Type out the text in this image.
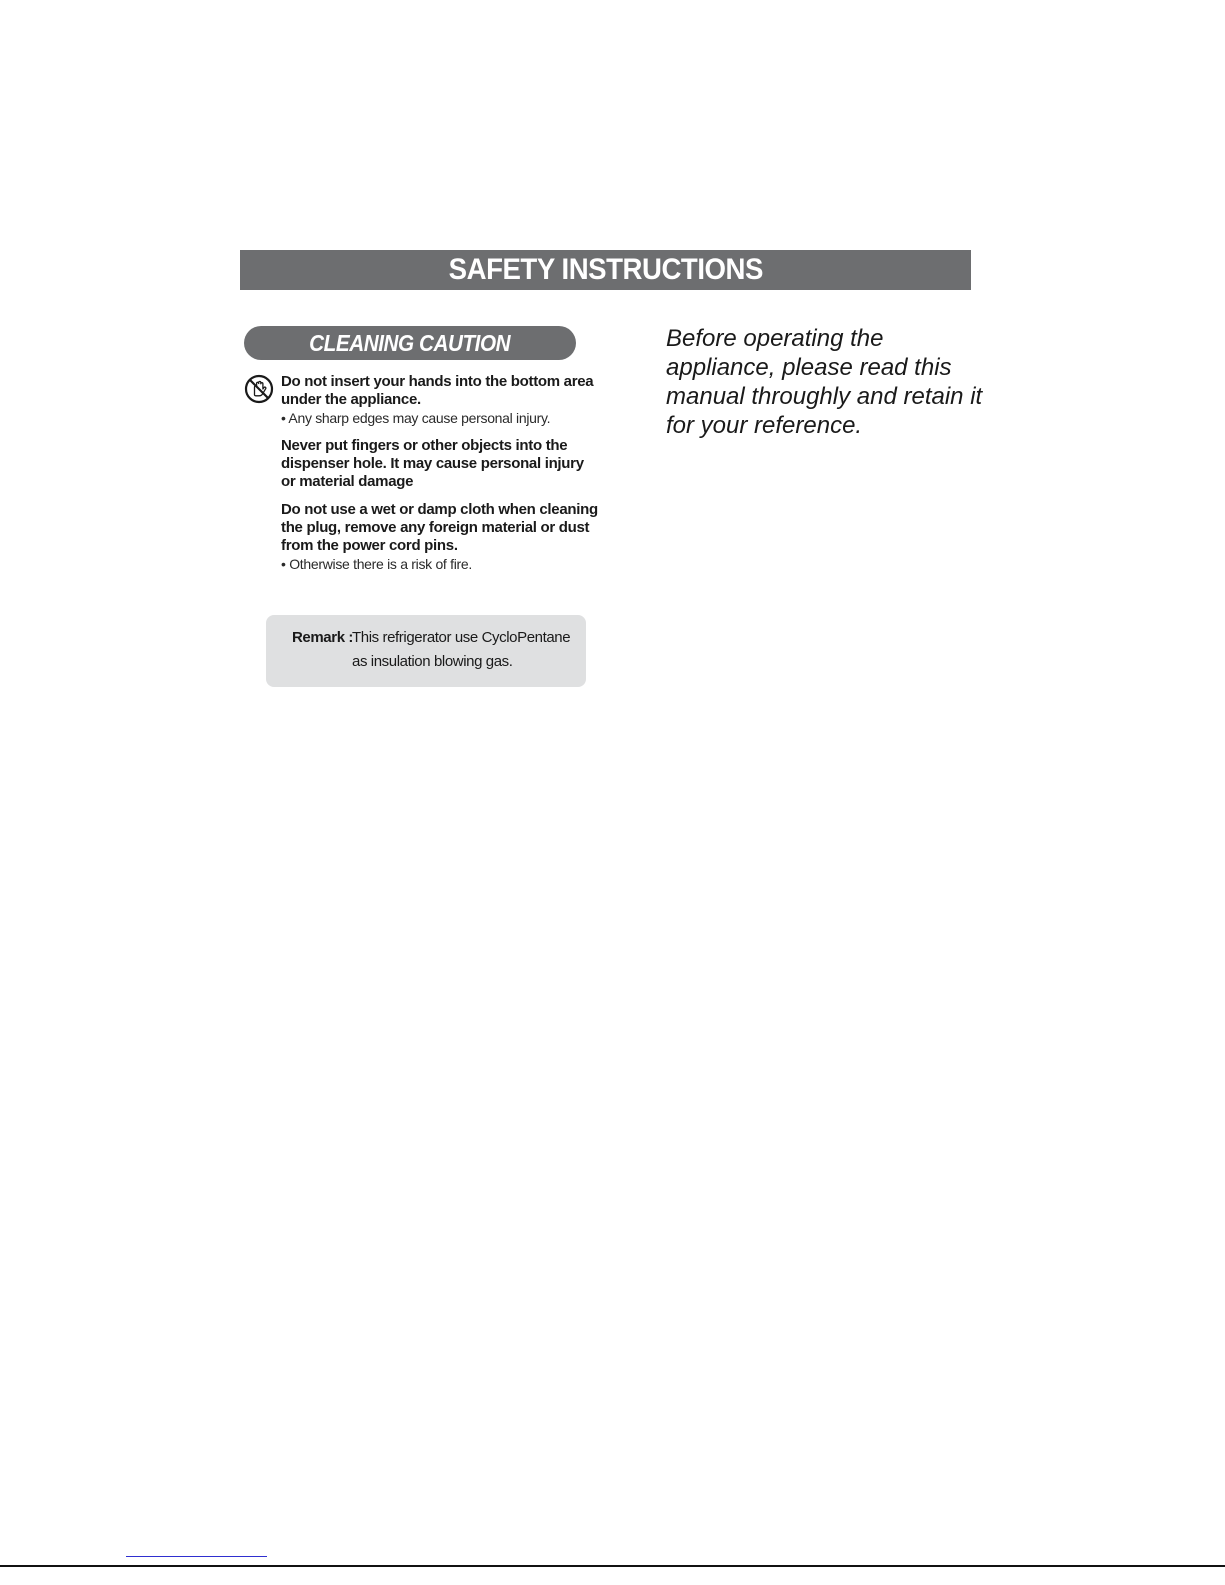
SAFETY INSTRUCTIONS
CLEANING CAUTION
Do not insert your hands into the bottom area under the appliance.
• Any sharp edges may cause personal injury.
Never put fingers or other objects into the dispenser hole. It may cause personal injury or material damage
Do not use a wet or damp cloth when cleaning the plug, remove any foreign material or dust from the power cord pins.
• Otherwise there is a risk of fire.
Remark : This refrigerator use CycloPentane
as insulation blowing gas.
Before operating the appliance, please read this manual throughly and retain it for your reference.
